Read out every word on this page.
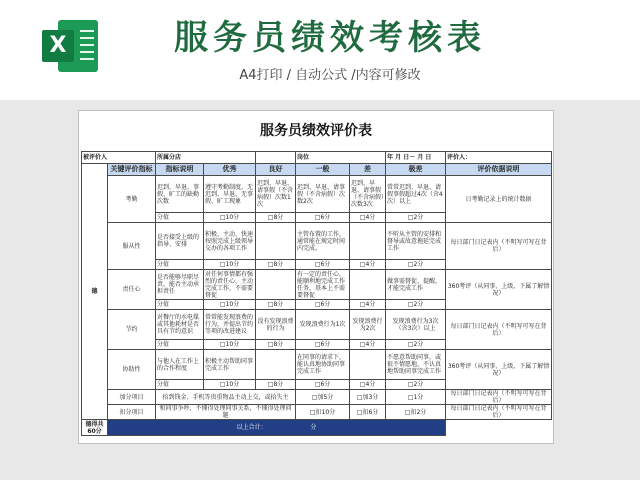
X	服务员绩效考核表
A4打印 / 自动公式 /内容可修改
服务员绩效评价表
被评价人		所属分店			岗位		年 月 日－ 月 日	评价人：
德	关键评价指标	指标说明	优秀	良好	一般	差	极差	评价依据说明
	考勤	迟到、早退、事假、旷工的缺勤次数	遵守考勤制度，无迟到、早退、无事假、旷工现象	迟到、早退、请事假（不含病假）次数1次	迟到、早退、请事假（不含病假）次数2次	迟到、早退、请事假（不含病假）次数3次	常常迟到、早退、请假事假超过4次（含4次）以上	日考勤记录上的统计数据
		分值	□10分	□8分	□6分	□4分	□2分	
	服从性	是否接受上级的指导、安排	积极、主动、快速按照完成上级领导交办的各项工作		主管布置的工作，通常能在规定时间内完成。		不听从主管的安排和督导或故意拖延完成工作	每日部门日记表内（不明写可写在背后）
		分值	□10分	□8分	□6分	□4分	□2分	
	责任心	是否能够尽职尽责，能否主动承担责任	对任何事情都有强烈的责任心，主动完成工作，不需要督促		有一定的责任心，能顺利地完成工作任务，基本上不需要督促		做事需督促、提醒，才能完成工作	360考评（从同事、上级、下属了解情况）
		分值	□10分	□8分	□6分	□4分	□2分	
	节约	对餐厅的水电煤或其他耗材是否具有节约意识	常常能发现浪费的行为，并提出节约等项的改进建议	没有发现浪费的行为	发现浪费行为1次	发现浪费行为2次	发现浪费行为3次（含3次）以上	每日部门日记表内（不明写可写在背后）
		分值	□10分	□8分	□6分	□4分	□2分	
	协助性	与他人在工作上的合作程度	积极主动帮助同事完成工作		在同事的请求下，能认真地协助同事完成工作		不愿意帮助同事，或很不情愿地，不认真地帮助同事完成工作	360考评（从同事、上级、下属了解情况）
		分值	□10分	□8分	□6分	□4分	□2分	
	加分项目	拾到钱金、手机等贵重物品主动上交，或拾失主			□加5分	□加3分	□1分	每日部门日记表内（不明写可写在背后）
	扣分项目	和同事争吵，不懂得处理同事关系，不懂得处理问题			□扣10分	□扣6分	□扣2分	每日部门日记表内（不明写可写在背后）
德得共60分	以上合计： 分							
